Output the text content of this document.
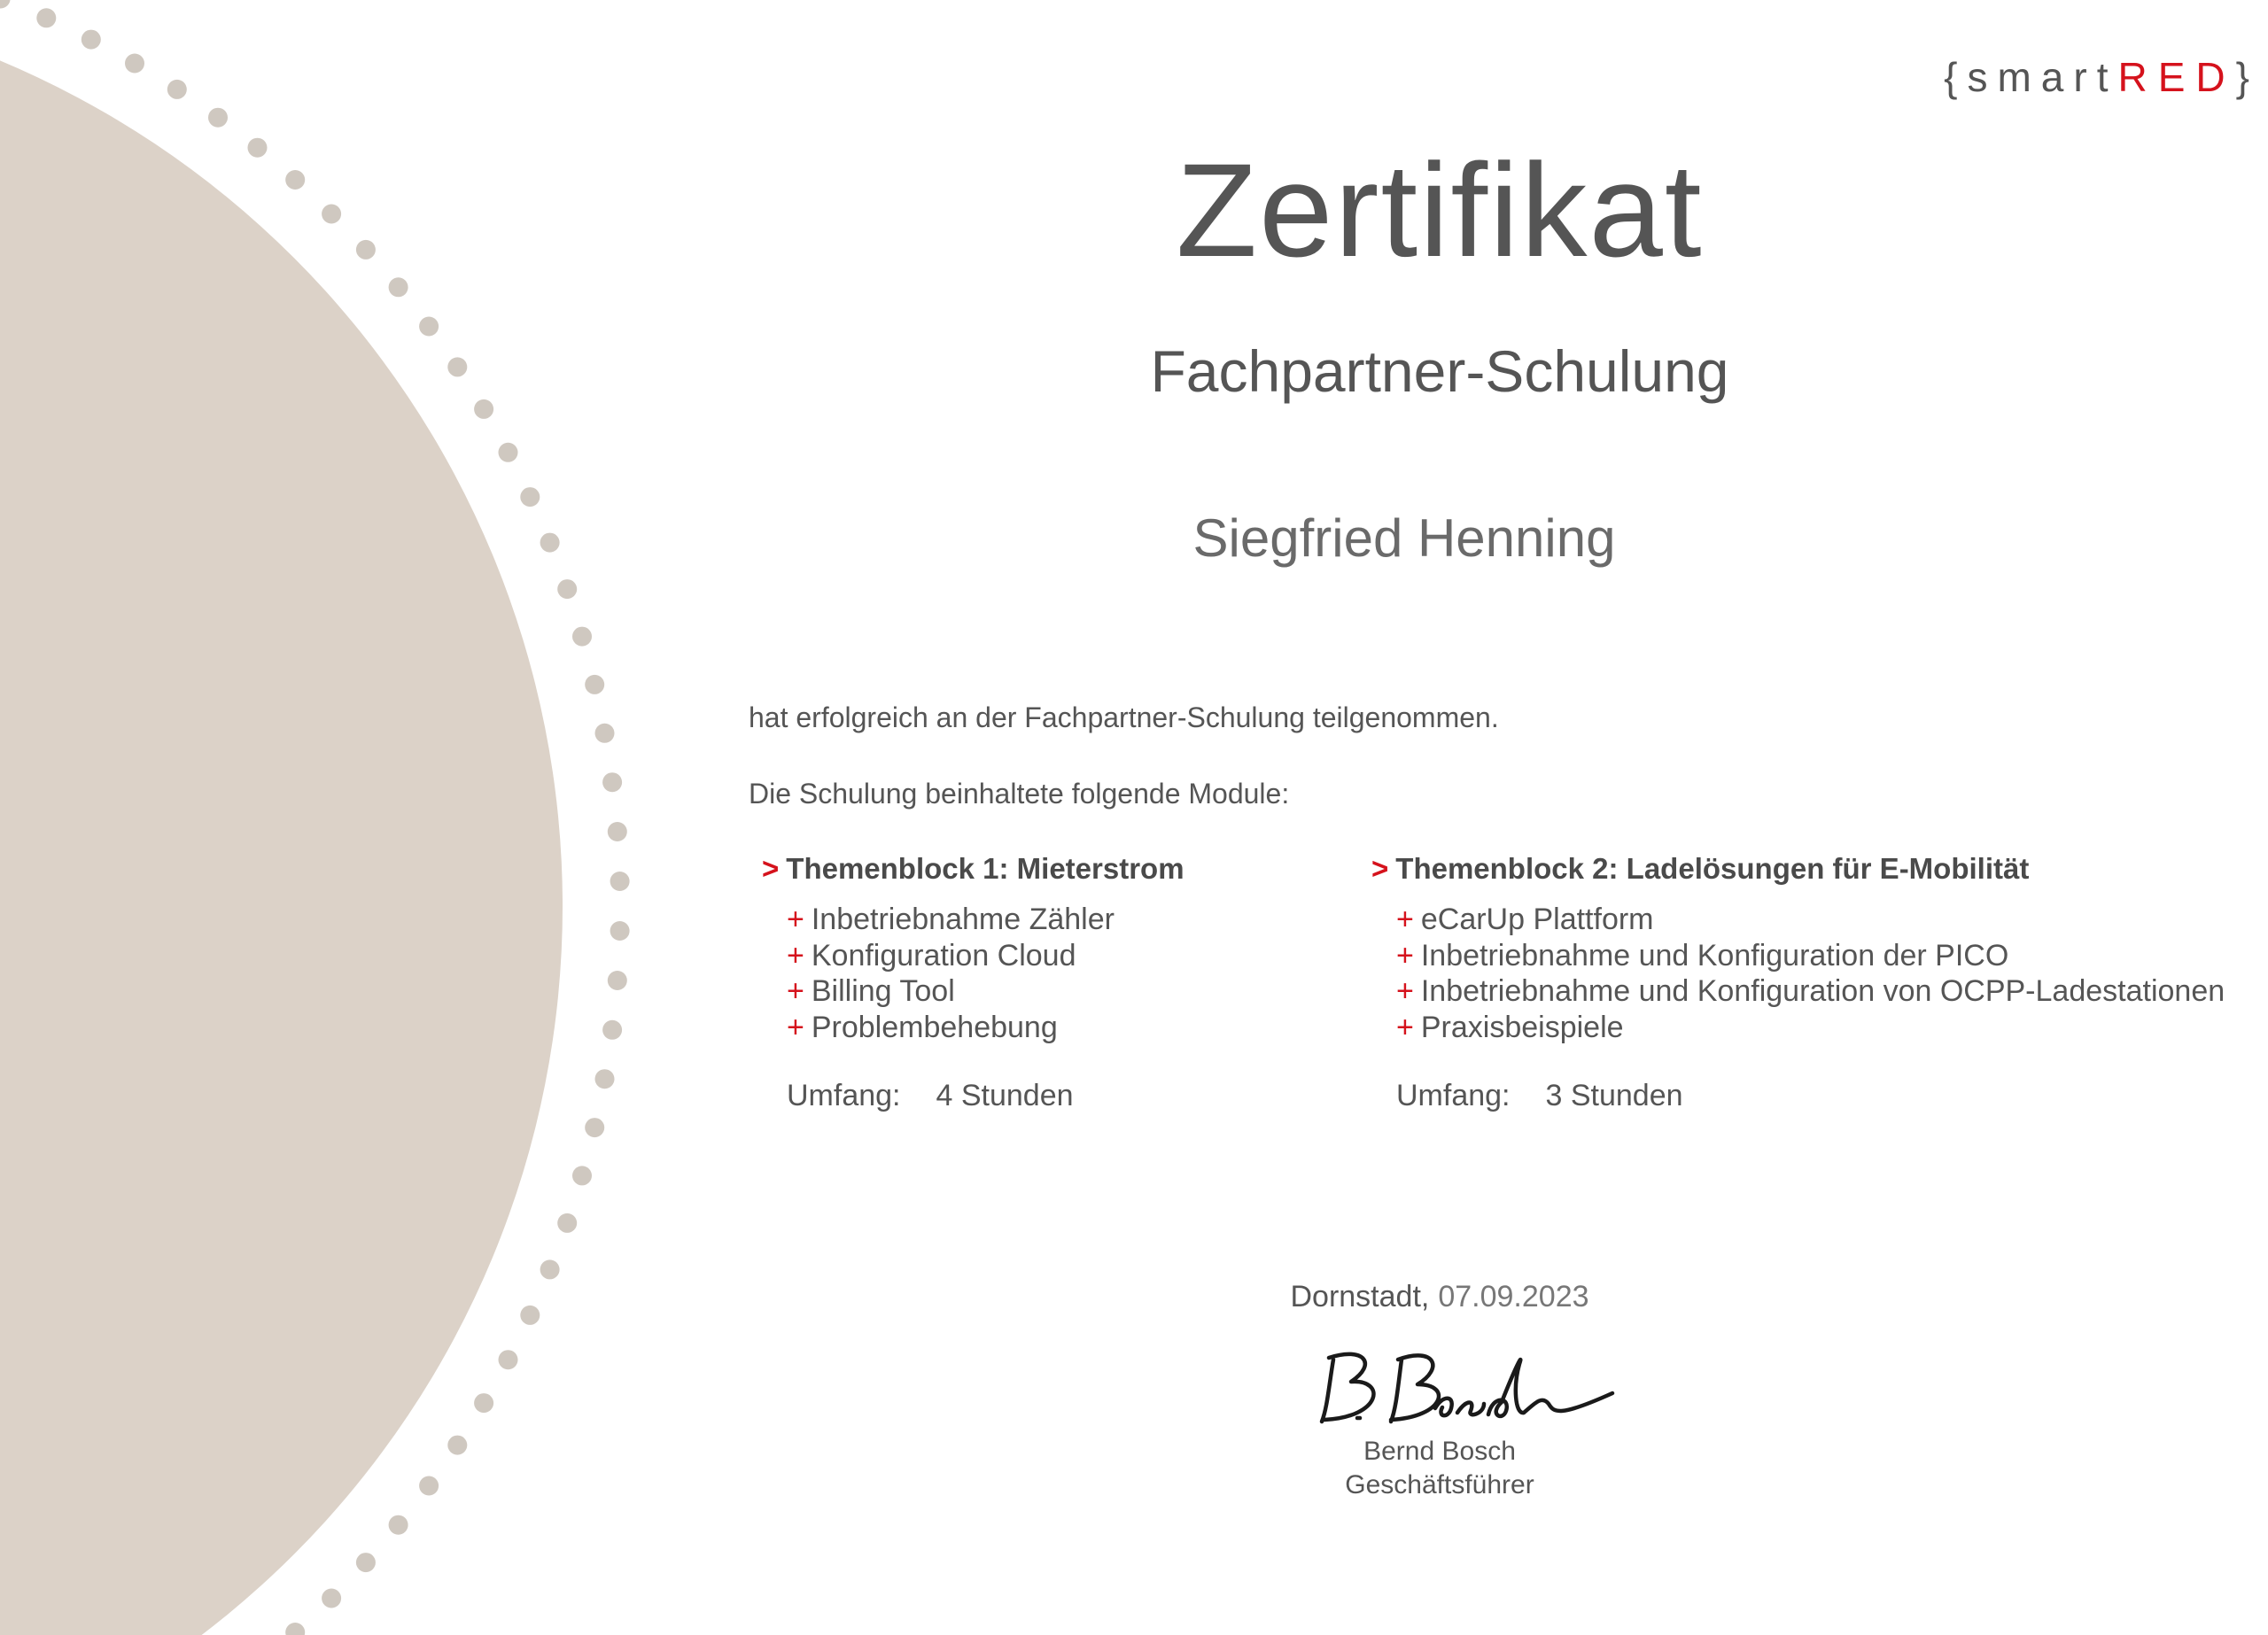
{smartRED}
Zertifikat
Fachpartner-Schulung
Siegfried Henning
hat erfolgreich an der Fachpartner-Schulung teilgenommen.
Die Schulung beinhaltete folgende Module:
> Themenblock 1: Mieterstrom
+ Inbetriebnahme Zähler
+ Konfiguration Cloud
+ Billing Tool
+ Problembehebung
Umfang: 4 Stunden
> Themenblock 2: Ladelösungen für E-Mobilität
+ eCarUp Plattform
+ Inbetriebnahme und Konfiguration der PICO
+ Inbetriebnahme und Konfiguration von OCPP-Ladestationen
+ Praxisbeispiele
Umfang: 3 Stunden
Dornstadt, 07.09.2023
Bernd Bosch
Geschäftsführer
